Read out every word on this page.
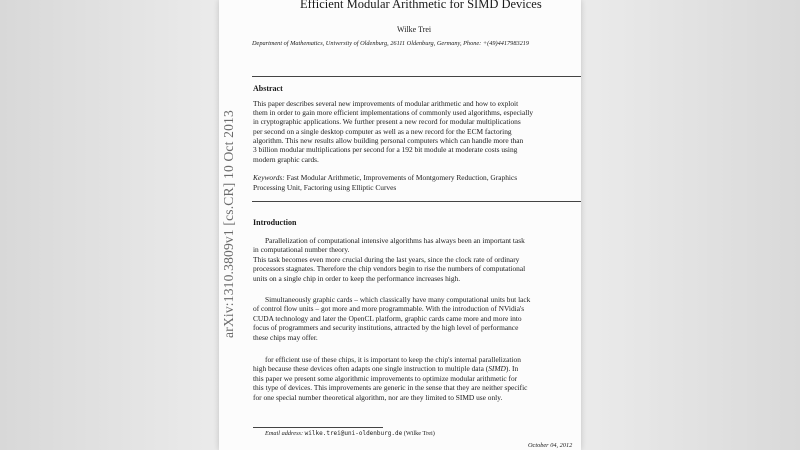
arXiv:1310.3809v1 [cs.CR] 10 Oct 2013
Efficient Modular Arithmetic for SIMD Devices
Wilke Trei
Department of Mathematics, University of Oldenburg, 26111 Oldenburg, Germany, Phone: +(49)4417983219
Abstract
This paper describes several new improvements of modular arithmetic and how to exploit
them in order to gain more efficient implementations of commonly used algorithms, especially
in cryptographic applications. We further present a new record for modular multiplications
per second on a single desktop computer as well as a new record for the ECM factoring
algorithm. This new results allow building personal computers which can handle more than
3 billion modular multiplications per second for a 192 bit module at moderate costs using
modern graphic cards.
Keywords: Fast Modular Arithmetic, Improvements of Montgomery Reduction, Graphics
Processing Unit, Factoring using Elliptic Curves
Introduction
Parallelization of computational intensive algorithms has always been an important task
in computational number theory.
This task becomes even more crucial during the last years, since the clock rate of ordinary
processors stagnates. Therefore the chip vendors begin to rise the numbers of computational
units on a single chip in order to keep the performance increases high.
Simultaneously graphic cards – which classically have many computational units but lack
of control flow units – got more and more programmable. With the introduction of NVidia's
CUDA technology and later the OpenCL platform, graphic cards came more and more into
focus of programmers and security institutions, attracted by the high level of performance
these chips may offer.
for efficient use of these chips, it is important to keep the chip's internal parallelization
high because these devices often adapts one single instruction to multiple data (SIMD). In
this paper we present some algorithmic improvements to optimize modular arithmetic for
this type of devices. This improvements are generic in the sense that they are neither specific
for one special number theoretical algorithm, nor are they limited to SIMD use only.
Email address: wilke.trei@uni-oldenburg.de (Wilke Trei)
October 04, 2012
